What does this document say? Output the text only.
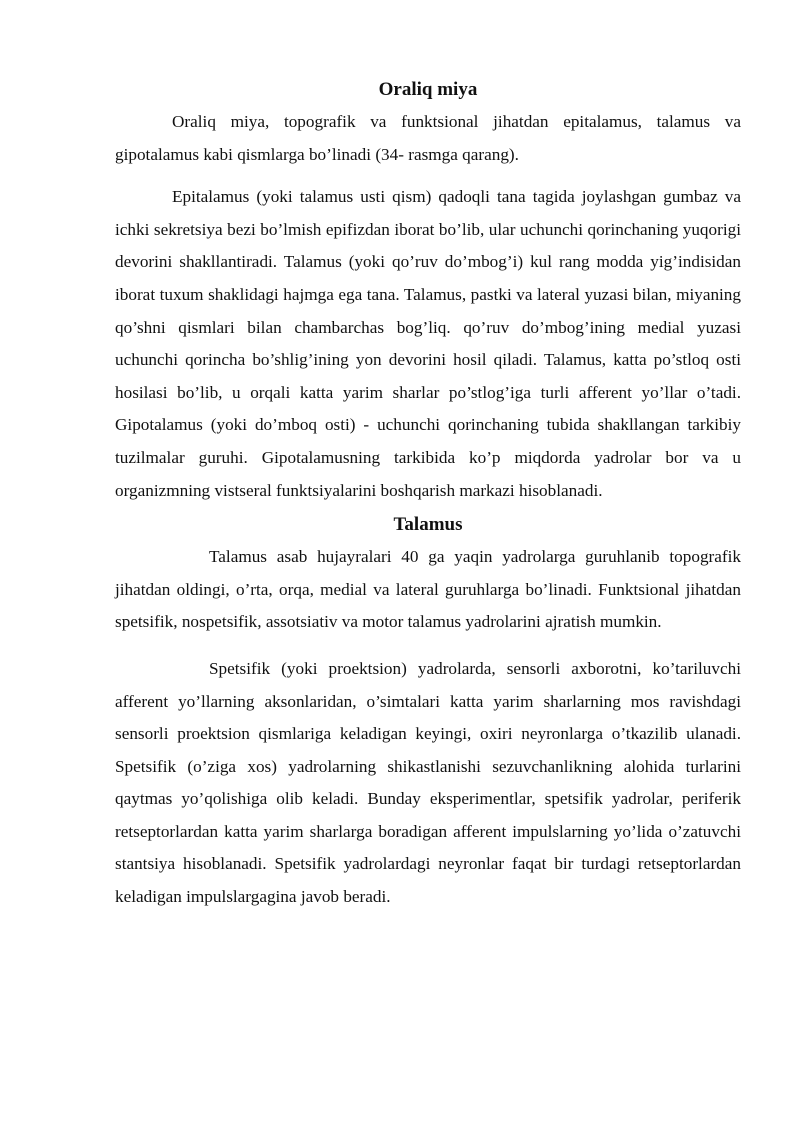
Oraliq miya

Oraliq miya, topografik va funktsional jihatdan epitalamus, talamus va gipotalamus kabi qismlarga bo’linadi (34- rasmga qarang).

Epitalamus (yoki talamus usti qism) qadoqli tana tagida joylashgan gumbaz va ichki sekretsiya bezi bo’lmish epifizdan iborat bo’lib, ular uchunchi qorinchaning yuqorigi devorini shakllantiradi. Talamus (yoki qo’ruv do’mbog’i) kul rang modda yig’indisidan iborat tuxum shaklidagi hajmga ega tana. Talamus, pastki va lateral yuzasi bilan, miyaning qo’shni qismlari bilan chambarchas bog’liq. qo’ruv do’mbog’ining medial yuzasi uchunchi qorincha bo’shlig’ining yon devorini hosil qiladi. Talamus, katta po’stloq osti hosilasi bo’lib, u orqali katta yarim sharlar po’stlog’iga turli afferent yo’llar o’tadi. Gipotalamus (yoki do’mboq osti) - uchunchi qorinchaning tubida shakllangan tarkibiy tuzilmalar guruhi. Gipotalamusning tarkibida ko’p miqdorda yadrolar bor va u organizmning vistseral funktsiyalarini boshqarish markazi hisoblanadi.

Talamus

Talamus asab hujayralari 40 ga yaqin yadrolarga guruhlanib topografik jihatdan oldingi, o’rta, orqa, medial va lateral guruhlarga bo’linadi. Funktsional jihatdan spetsifik, nospetsifik, assotsiativ va motor talamus yadrolarini ajratish mumkin.

Spetsifik (yoki proektsion) yadrolarda, sensorli axborotni, ko’tariluvchi afferent yo’llarning aksonlaridan, o’simtalari katta yarim sharlarning mos ravishdagi sensorli proektsion qismlariga keladigan keyingi, oxiri neyronlarga o’tkazilib ulanadi. Spetsifik (o’ziga xos) yadrolarning shikastlanishi sezuvchanlikning alohida turlarini qaytmas yo’qolishiga olib keladi. Bunday eksperimentlar, spetsifik yadrolar, periferik retseptorlardan katta yarim sharlarga boradigan afferent impulslarning yo’lida o’zatuvchi stantsiya hisoblanadi. Spetsifik yadrolardagi neyronlar faqat bir turdagi retseptorlardan keladigan impulslargagina javob beradi.
